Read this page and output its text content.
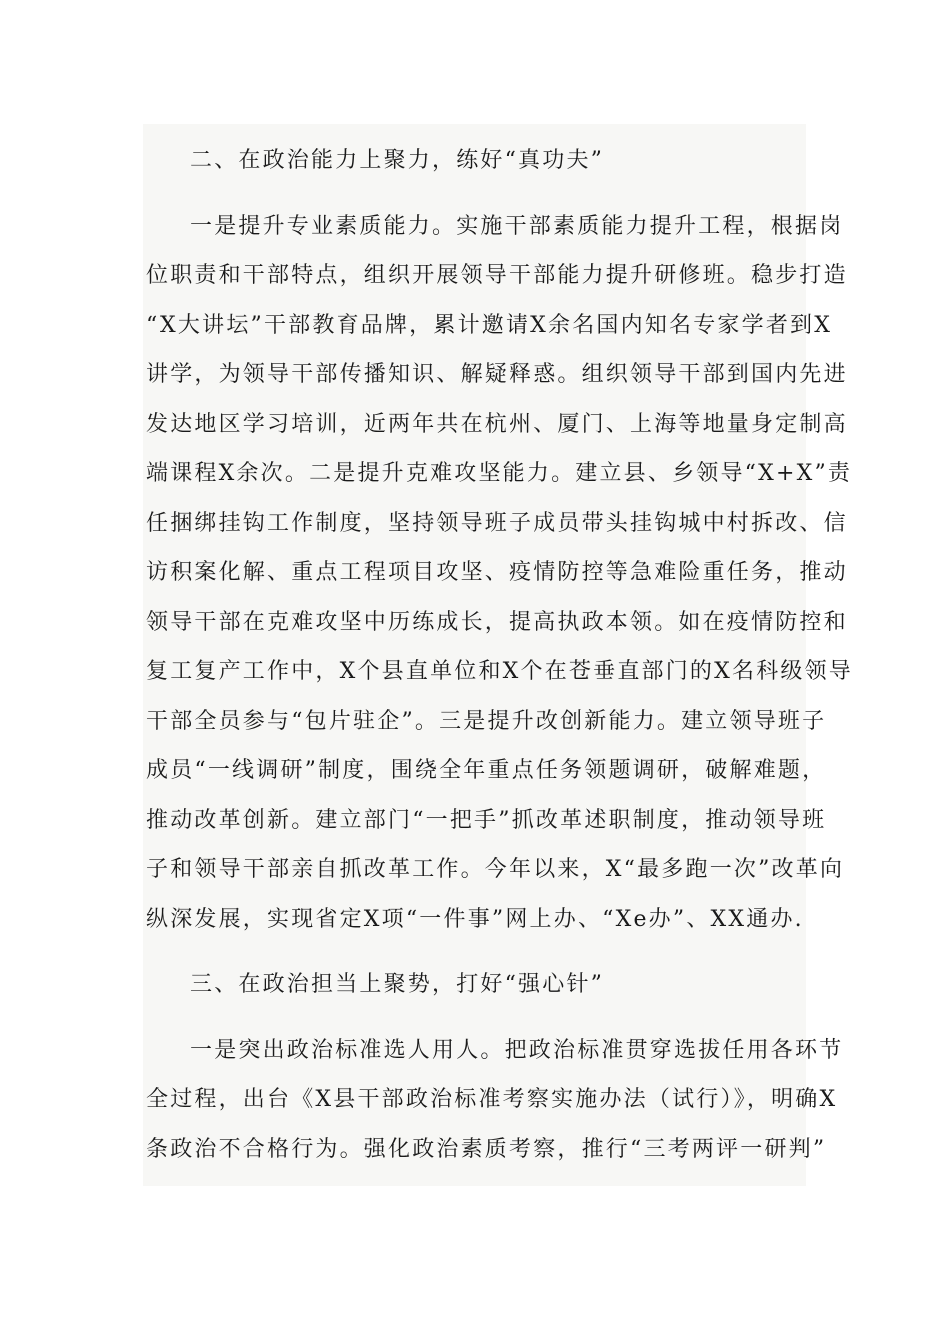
二、在政治能力上聚力，练好“真功夫”

一是提升专业素质能力。实施干部素质能力提升工程，根据岗
位职责和干部特点，组织开展领导干部能力提升研修班。稳步打造
“X大讲坛”干部教育品牌，累计邀请X余名国内知名专家学者到X
讲学，为领导干部传播知识、解疑释惑。组织领导干部到国内先进
发达地区学习培训，近两年共在杭州、厦门、上海等地量身定制高
端课程X余次。二是提升克难攻坚能力。建立县、乡领导“X+X”责
任捆绑挂钩工作制度，坚持领导班子成员带头挂钩城中村拆改、信
访积案化解、重点工程项目攻坚、疫情防控等急难险重任务，推动
领导干部在克难攻坚中历练成长，提高执政本领。如在疫情防控和
复工复产工作中，X个县直单位和X个在苍垂直部门的X名科级领导
干部全员参与“包片驻企”。三是提升改创新能力。建立领导班子
成员“一线调研”制度，围绕全年重点任务领题调研，破解难题，
推动改革创新。建立部门“一把手”抓改革述职制度，推动领导班
子和领导干部亲自抓改革工作。今年以来，X“最多跑一次”改革向
纵深发展，实现省定X项“一件事”网上办、“Xe办”、XX通办.

三、在政治担当上聚势，打好“强心针”

一是突出政治标准选人用人。把政治标准贯穿选拔任用各环节
全过程，出台《X县干部政治标准考察实施办法（试行）》，明确X
条政治不合格行为。强化政治素质考察，推行“三考两评一研判”
